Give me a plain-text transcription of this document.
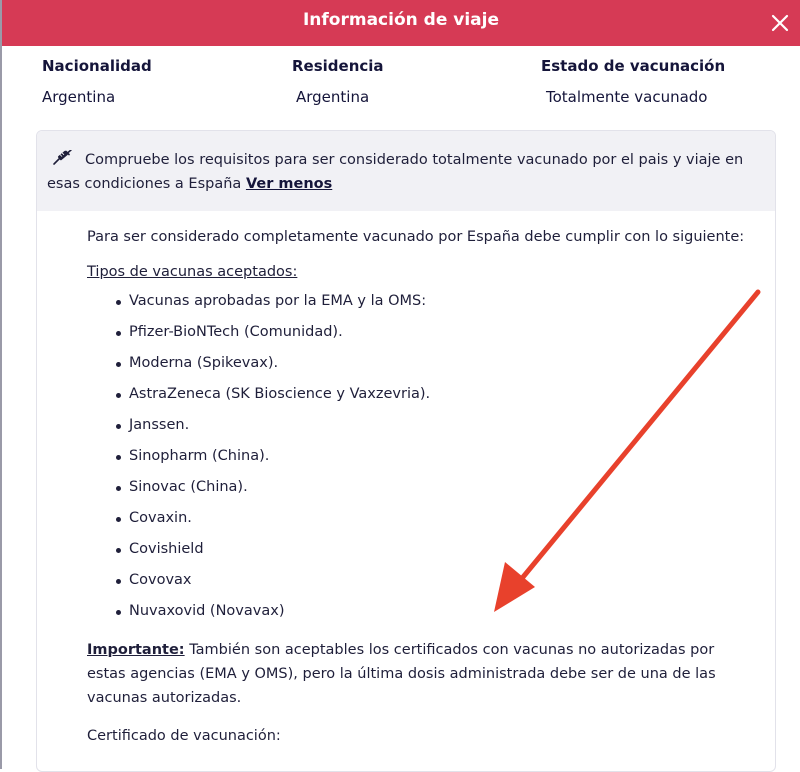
Información de viaje
Nacionalidad
Argentina
Residencia
Argentina
Estado de vacunación
Totalmente vacunado
Compruebe los requisitos para ser considerado totalmente vacunado por el pais y viaje en esas condiciones a España Ver menos

Para ser considerado completamente vacunado por España debe cumplir con lo siguiente:

Tipos de vacunas aceptados:

Vacunas aprobadas por la EMA y la OMS:
Pfizer-BioNTech (Comunidad).
Moderna (Spikevax).
AstraZeneca (SK Bioscience y Vaxzevria).
Janssen.
Sinopharm (China).
Sinovac (China).
Covaxin.
Covishield
Covovax
Nuvaxovid (Novavax)

Importante: También son aceptables los certificados con vacunas no autorizadas por estas agencias (EMA y OMS), pero la última dosis administrada debe ser de una de las vacunas autorizadas.

Certificado de vacunación:
